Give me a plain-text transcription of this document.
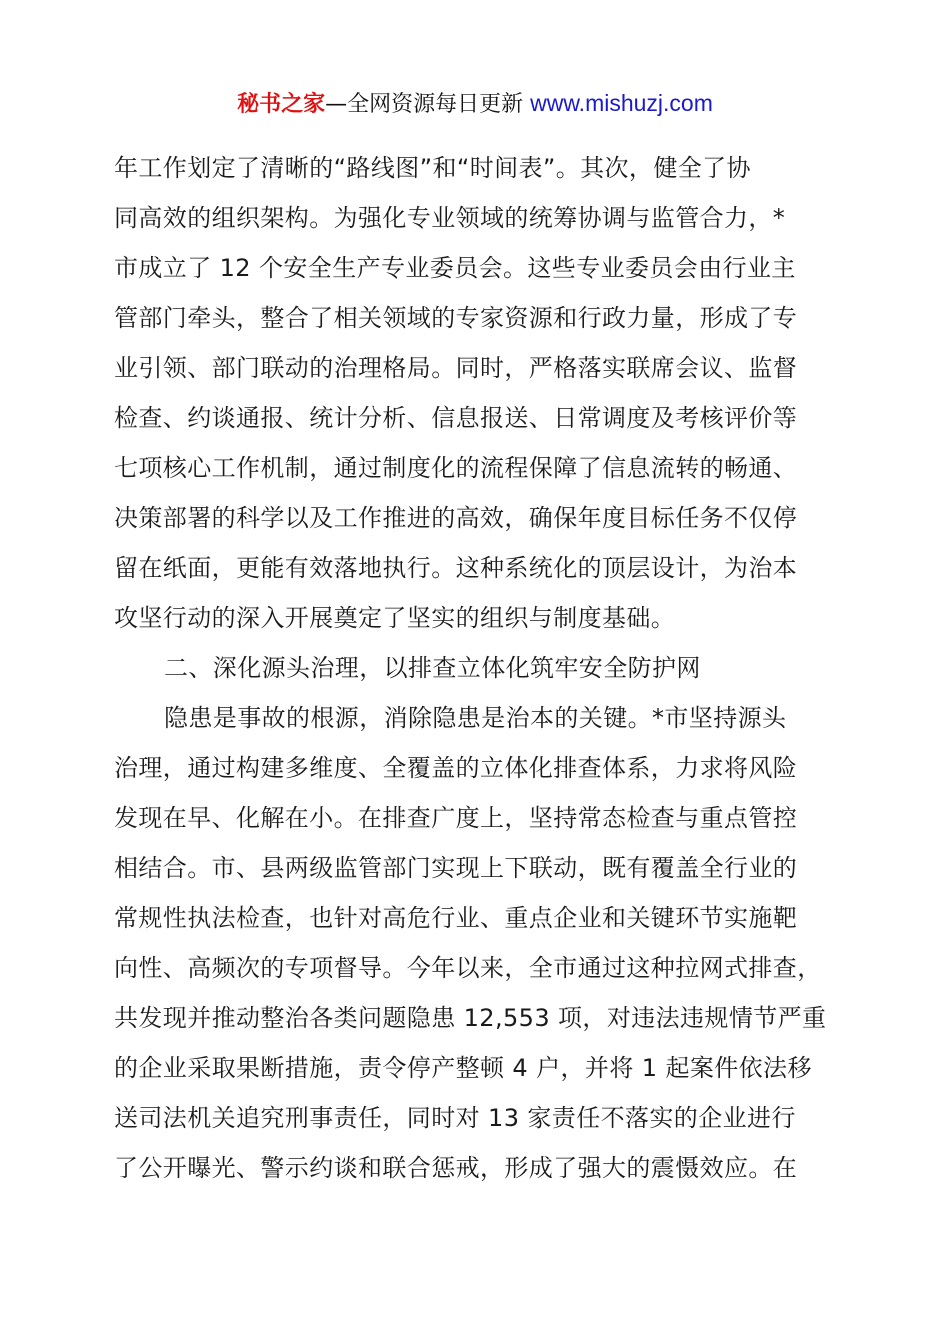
秘书之家—全网资源每日更新 www.mishuzj.com
年工作划定了清晰的“路线图”和“时间表”。其次，健全了协
同高效的组织架构。为强化专业领域的统筹协调与监管合力，*
市成立了 12 个安全生产专业委员会。这些专业委员会由行业主
管部门牵头，整合了相关领域的专家资源和行政力量，形成了专
业引领、部门联动的治理格局。同时，严格落实联席会议、监督
检查、约谈通报、统计分析、信息报送、日常调度及考核评价等
七项核心工作机制，通过制度化的流程保障了信息流转的畅通、
决策部署的科学以及工作推进的高效，确保年度目标任务不仅停
留在纸面，更能有效落地执行。这种系统化的顶层设计，为治本
攻坚行动的深入开展奠定了坚实的组织与制度基础。
二、深化源头治理，以排查立体化筑牢安全防护网
隐患是事故的根源，消除隐患是治本的关键。*市坚持源头
治理，通过构建多维度、全覆盖的立体化排查体系，力求将风险
发现在早、化解在小。在排查广度上，坚持常态检查与重点管控
相结合。市、县两级监管部门实现上下联动，既有覆盖全行业的
常规性执法检查，也针对高危行业、重点企业和关键环节实施靶
向性、高频次的专项督导。今年以来，全市通过这种拉网式排查，
共发现并推动整治各类问题隐患 12,553 项，对违法违规情节严重
的企业采取果断措施，责令停产整顿 4 户，并将 1 起案件依法移
送司法机关追究刑事责任，同时对 13 家责任不落实的企业进行
了公开曝光、警示约谈和联合惩戒，形成了强大的震慑效应。在
